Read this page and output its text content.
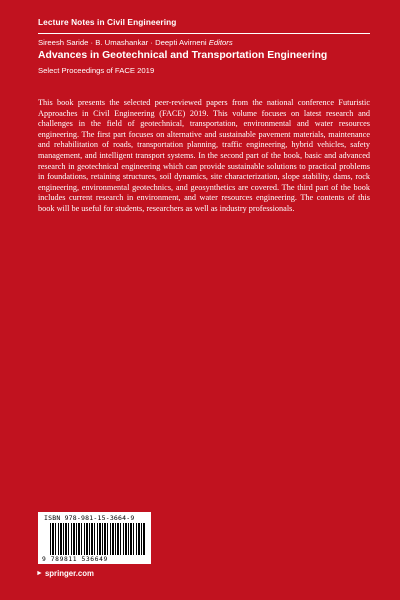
Lecture Notes in Civil Engineering
Sireesh Saride · B. Umashankar · Deepti Avirneni Editors
Advances in Geotechnical and Transportation Engineering
Select Proceedings of FACE 2019

This book presents the selected peer-reviewed papers from the national conference Futuristic Approaches in Civil Engineering (FACE) 2019. This volume focuses on latest research and challenges in the field of geotechnical, transportation, environmental and water resources engineering. The first part focuses on alternative and sustainable pavement materials, maintenance and rehabilitation of roads, transportation planning, traffic engineering, hybrid vehicles, safety management, and intelligent transport systems. In the second part of the book, basic and advanced research in geotechnical engineering which can provide sustainable solutions to practical problems in foundations, retaining structures, soil dynamics, site characterization, slope stability, dams, rock engineering, environmental geotechnics, and geosynthetics are covered. The third part of the book includes current research in environment, and water resources engineering. The contents of this book will be useful for students, researchers as well as industry professionals.

ISBN 978-981-15-3664-9
9 789811 536649
► springer.com
